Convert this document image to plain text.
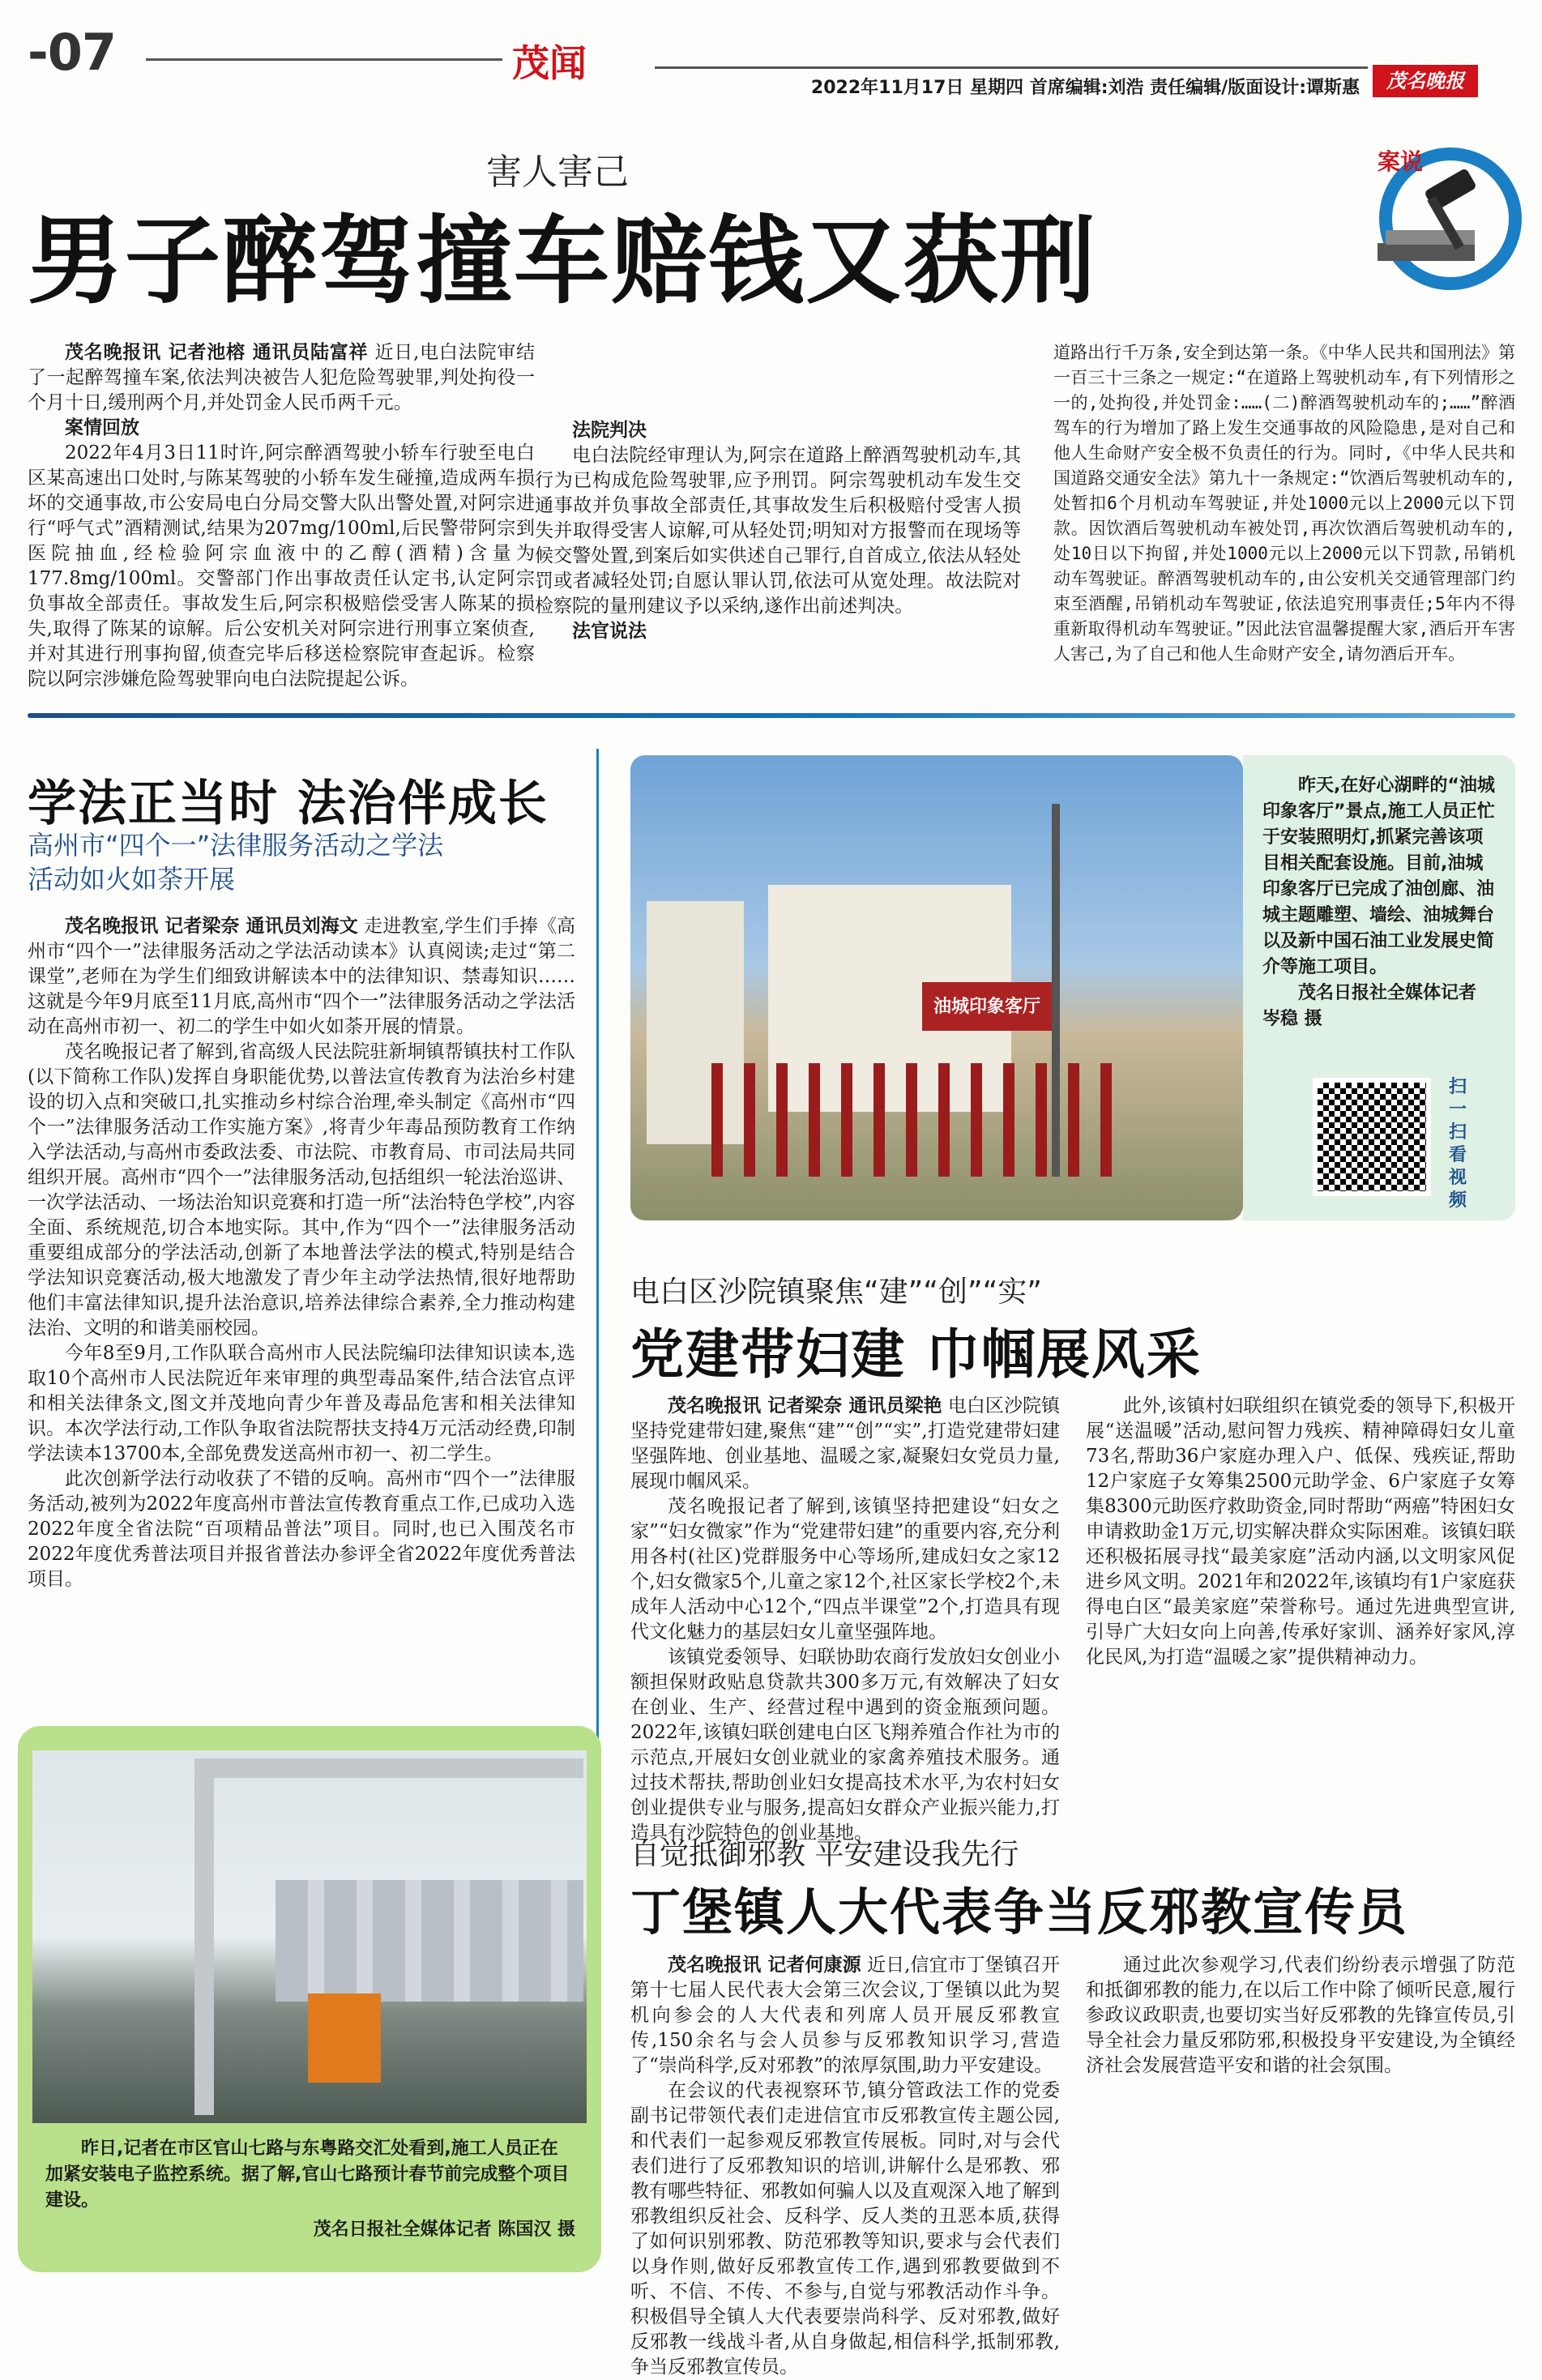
-07	茂闻
2022年11月17日 星期四 首席编辑:刘浩 责任编辑/版面设计:谭斯惠	茂名晚报
害人害己
男子醉驾撞车赔钱又获刑
案说

茂名晚报讯 记者池榕 通讯员陆富祥 近日,电白法院审结了一起醉驾撞车案,依法判决被告人犯危险驾驶罪,判处拘役一个月十日,缓刑两个月,并处罚金人民币两千元。

案情回放

2022年4月3日11时许,阿宗醉酒驾驶小轿车行驶至电白区某高速出口处时,与陈某驾驶的小轿车发生碰撞,造成两车损坏的交通事故,市公安局电白分局交警大队出警处置,对阿宗进行“呼气式”酒精测试,结果为207mg/100ml,后民警带阿宗到医院抽血,经检验阿宗血液中的乙醇(酒精)含量为177.8mg/100ml。交警部门作出事故责任认定书,认定阿宗负事故全部责任。事故发生后,阿宗积极赔偿受害人陈某的损失,取得了陈某的谅解。后公安机关对阿宗进行刑事立案侦查,并对其进行刑事拘留,侦查完毕后移送检察院审查起诉。检察院以阿宗涉嫌危险驾驶罪向电白法院提起公诉。

法院判决

电白法院经审理认为,阿宗在道路上醉酒驾驶机动车,其行为已构成危险驾驶罪,应予刑罚。阿宗驾驶机动车发生交通事故并负事故全部责任,其事故发生后积极赔付受害人损失并取得受害人谅解,可从轻处罚;明知对方报警而在现场等候交警处置,到案后如实供述自己罪行,自首成立,依法从轻处罚或者减轻处罚;自愿认罪认罚,依法可从宽处理。故法院对检察院的量刑建议予以采纳,遂作出前述判决。

法官说法

道路出行千万条,安全到达第一条。《中华人民共和国刑法》第一百三十三条之一规定:“在道路上驾驶机动车,有下列情形之一的,处拘役,并处罚金:……(二)醉酒驾驶机动车的;……”醉酒驾车的行为增加了路上发生交通事故的风险隐患,是对自己和他人生命财产安全极不负责任的行为。同时,《中华人民共和国道路交通安全法》第九十一条规定:“饮酒后驾驶机动车的,处暂扣6个月机动车驾驶证,并处1000元以上2000元以下罚款。因饮酒后驾驶机动车被处罚,再次饮酒后驾驶机动车的,处10日以下拘留,并处1000元以上2000元以下罚款,吊销机动车驾驶证。醉酒驾驶机动车的,由公安机关交通管理部门约束至酒醒,吊销机动车驾驶证,依法追究刑事责任;5年内不得重新取得机动车驾驶证。”因此法官温馨提醒大家,酒后开车害人害己,为了自己和他人生命财产安全,请勿酒后开车。

学法正当时 法治伴成长
高州市“四个一”法律服务活动之学法活动如火如荼开展

茂名晚报讯 记者梁奈 通讯员刘海文 走进教室,学生们手捧《高州市“四个一”法律服务活动之学法活动读本》认真阅读;走过“第二课堂”,老师在为学生们细致讲解读本中的法律知识、禁毒知识……这就是今年9月底至11月底,高州市“四个一”法律服务活动之学法活动在高州市初一、初二的学生中如火如荼开展的情景。

茂名晚报记者了解到,省高级人民法院驻新垌镇帮镇扶村工作队(以下简称工作队)发挥自身职能优势,以普法宣传教育为法治乡村建设的切入点和突破口,扎实推动乡村综合治理,牵头制定《高州市“四个一”法律服务活动工作实施方案》,将青少年毒品预防教育工作纳入学法活动,与高州市委政法委、市法院、市教育局、市司法局共同组织开展。高州市“四个一”法律服务活动,包括组织一轮法治巡讲、一次学法活动、一场法治知识竞赛和打造一所“法治特色学校”,内容全面、系统规范,切合本地实际。其中,作为“四个一”法律服务活动重要组成部分的学法活动,创新了本地普法学法的模式,特别是结合学法知识竞赛活动,极大地激发了青少年主动学法热情,很好地帮助他们丰富法律知识,提升法治意识,培养法律综合素养,全力推动构建法治、文明的和谐美丽校园。

今年8至9月,工作队联合高州市人民法院编印法律知识读本,选取10个高州市人民法院近年来审理的典型毒品案件,结合法官点评和相关法律条文,图文并茂地向青少年普及毒品危害和相关法律知识。本次学法行动,工作队争取省法院帮扶支持4万元活动经费,印制学法读本13700本,全部免费发送高州市初一、初二学生。

此次创新学法行动收获了不错的反响。高州市“四个一”法律服务活动,被列为2022年度高州市普法宣传教育重点工作,已成功入选2022年度全省法院“百项精品普法”项目。同时,也已入围茂名市2022年度优秀普法项目并报省普法办参评全省2022年度优秀普法项目。

油城印象客厅
昨天,在好心湖畔的“油城印象客厅”景点,施工人员正忙于安装照明灯,抓紧完善该项目相关配套设施。目前,油城印象客厅已完成了油创廊、油城主题雕塑、墙绘、油城舞台以及新中国石油工业发展史简介等施工项目。
茂名日报社全媒体记者 岑稳 摄
扫一扫看视频
电白区沙院镇聚焦“建”“创”“实”
党建带妇建 巾帼展风采

茂名晚报讯 记者梁奈 通讯员梁艳 电白区沙院镇坚持党建带妇建,聚焦“建”“创”“实”,打造党建带妇建坚强阵地、创业基地、温暖之家,凝聚妇女党员力量,展现巾帼风采。

茂名晚报记者了解到,该镇坚持把建设“妇女之家”“妇女微家”作为“党建带妇建”的重要内容,充分利用各村(社区)党群服务中心等场所,建成妇女之家12个,妇女微家5个,儿童之家12个,社区家长学校2个,未成年人活动中心12个,“四点半课堂”2个,打造具有现代文化魅力的基层妇女儿童坚强阵地。

该镇党委领导、妇联协助农商行发放妇女创业小额担保财政贴息贷款共300多万元,有效解决了妇女在创业、生产、经营过程中遇到的资金瓶颈问题。2022年,该镇妇联创建电白区飞翔养殖合作社为市的示范点,开展妇女创业就业的家禽养殖技术服务。通过技术帮扶,帮助创业妇女提高技术水平,为农村妇女创业提供专业与服务,提高妇女群众产业振兴能力,打造具有沙院特色的创业基地。

此外,该镇村妇联组织在镇党委的领导下,积极开展“送温暖”活动,慰问智力残疾、精神障碍妇女儿童73名,帮助36户家庭办理入户、低保、残疾证,帮助12户家庭子女筹集2500元助学金、6户家庭子女筹集8300元助医疗救助资金,同时帮助“两癌”特困妇女申请救助金1万元,切实解决群众实际困难。该镇妇联还积极拓展寻找“最美家庭”活动内涵,以文明家风促进乡风文明。2021年和2022年,该镇均有1户家庭获得电白区“最美家庭”荣誉称号。通过先进典型宣讲,引导广大妇女向上向善,传承好家训、涵养好家风,淳化民风,为打造“温暖之家”提供精神动力。

昨日,记者在市区官山七路与东粤路交汇处看到,施工人员正在加紧安装电子监控系统。据了解,官山七路预计春节前完成整个项目建设。
茂名日报社全媒体记者 陈国汉 摄
自觉抵御邪教 平安建设我先行
丁堡镇人大代表争当反邪教宣传员

茂名晚报讯 记者何康源 近日,信宜市丁堡镇召开第十七届人民代表大会第三次会议,丁堡镇以此为契机向参会的人大代表和列席人员开展反邪教宣传,150余名与会人员参与反邪教知识学习,营造了“崇尚科学,反对邪教”的浓厚氛围,助力平安建设。

在会议的代表视察环节,镇分管政法工作的党委副书记带领代表们走进信宜市反邪教宣传主题公园,和代表们一起参观反邪教宣传展板。同时,对与会代表们进行了反邪教知识的培训,讲解什么是邪教、邪教有哪些特征、邪教如何骗人以及直观深入地了解到邪教组织反社会、反科学、反人类的丑恶本质,获得了如何识别邪教、防范邪教等知识,要求与会代表们以身作则,做好反邪教宣传工作,遇到邪教要做到不听、不信、不传、不参与,自觉与邪教活动作斗争。积极倡导全镇人大代表要崇尚科学、反对邪教,做好反邪教一线战斗者,从自身做起,相信科学,抵制邪教,争当反邪教宣传员。

通过此次参观学习,代表们纷纷表示增强了防范和抵御邪教的能力,在以后工作中除了倾听民意,履行参政议政职责,也要切实当好反邪教的先锋宣传员,引导全社会力量反邪防邪,积极投身平安建设,为全镇经济社会发展营造平安和谐的社会氛围。
